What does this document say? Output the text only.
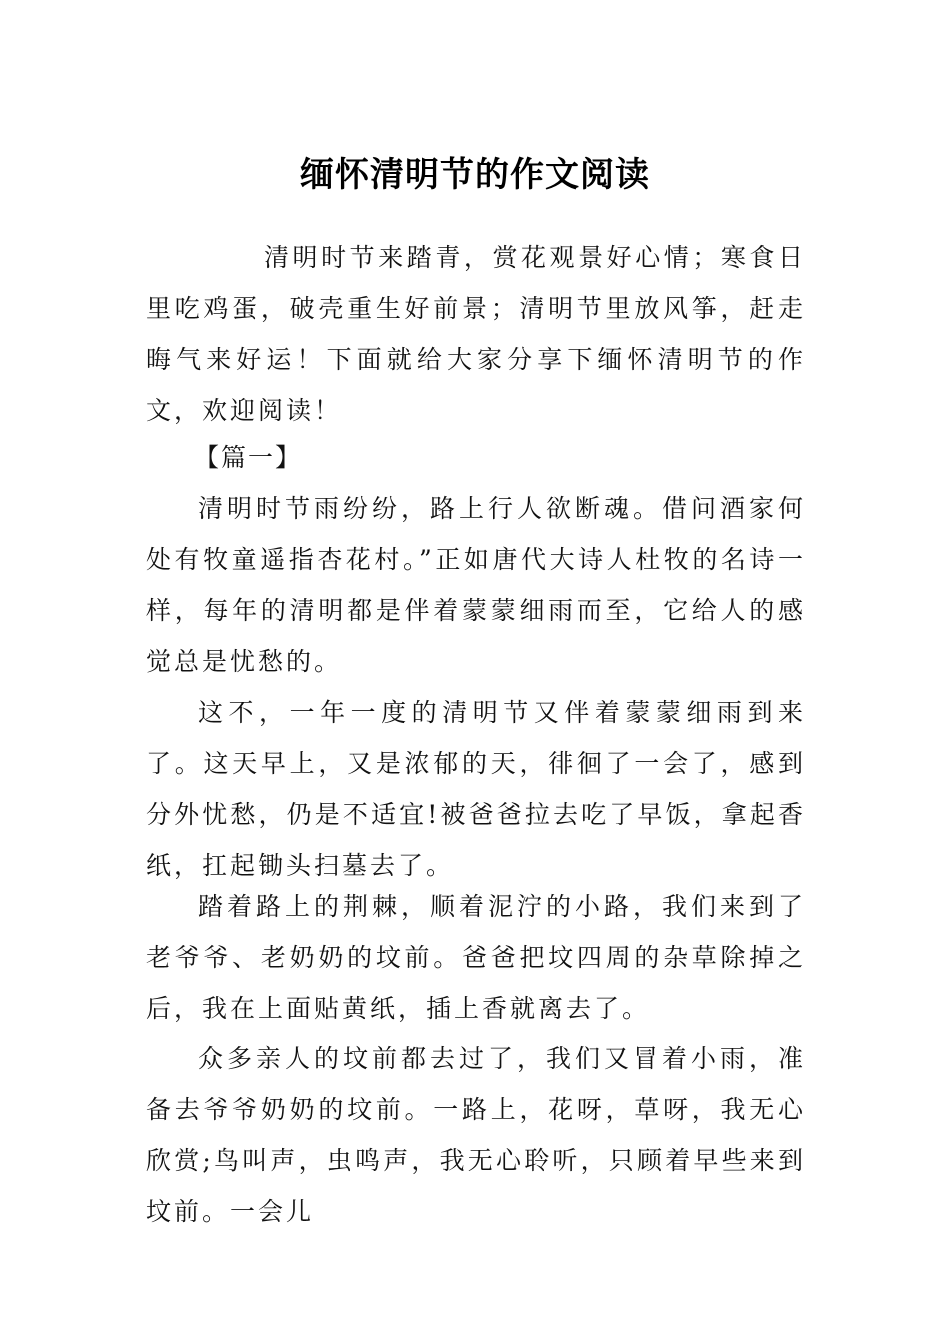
缅怀清明节的作文阅读

清明时节来踏青，赏花观景好心情；寒食日里吃鸡蛋，破壳重生好前景；清明节里放风筝，赶走晦气来好运！下面就给大家分享下缅怀清明节的作文，欢迎阅读！

【篇一】

清明时节雨纷纷，路上行人欲断魂。借问酒家何处有牧童遥指杏花村。”正如唐代大诗人杜牧的名诗一样，每年的清明都是伴着蒙蒙细雨而至，它给人的感觉总是忧愁的。

这不，一年一度的清明节又伴着蒙蒙细雨到来了。这天早上，又是浓郁的天，徘徊了一会了，感到分外忧愁，仍是不适宜!被爸爸拉去吃了早饭，拿起香纸，扛起锄头扫墓去了。

踏着路上的荆棘，顺着泥泞的小路，我们来到了老爷爷、老奶奶的坟前。爸爸把坟四周的杂草除掉之后，我在上面贴黄纸，插上香就离去了。

众多亲人的坟前都去过了，我们又冒着小雨，准备去爷爷奶奶的坟前。一路上，花呀，草呀，我无心欣赏;鸟叫声，虫鸣声，我无心聆听，只顾着早些来到坟前。一会儿
